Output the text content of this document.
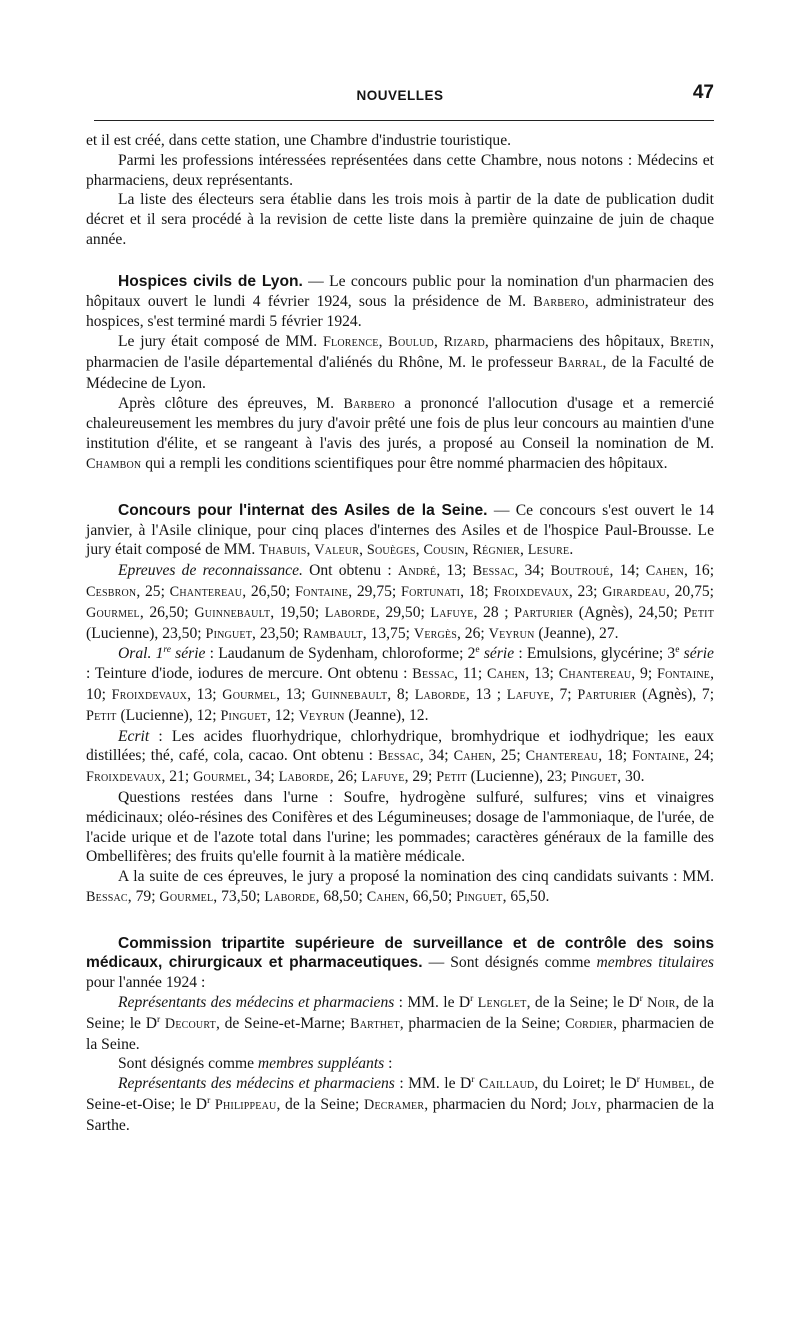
NOUVELLES	47

et il est créé, dans cette station, une Chambre d'industrie touristique.

Parmi les professions intéressées représentées dans cette Chambre, nous notons : Médecins et pharmaciens, deux représentants.

La liste des électeurs sera établie dans les trois mois à partir de la date de publication dudit décret et il sera procédé à la revision de cette liste dans la première quinzaine de juin de chaque année.

Hospices civils de Lyon. — Le concours public pour la nomination d'un pharmacien des hôpitaux ouvert le lundi 4 février 1924, sous la présidence de M. Barbero, administrateur des hospices, s'est terminé mardi 5 février 1924.

Le jury était composé de MM. Florence, Boulud, Rizard, pharmaciens des hôpitaux, Bretin, pharmacien de l'asile départemental d'aliénés du Rhône, M. le professeur Barral, de la Faculté de Médecine de Lyon.

Après clôture des épreuves, M. Barbero a prononcé l'allocution d'usage et a remercié chaleureusement les membres du jury d'avoir prêté une fois de plus leur concours au maintien d'une institution d'élite, et se rangeant à l'avis des jurés, a proposé au Conseil la nomination de M. Chambon qui a rempli les conditions scientifiques pour être nommé pharmacien des hôpitaux.

Concours pour l'internat des Asiles de la Seine. — Ce concours s'est ouvert le 14 janvier, à l'Asile clinique, pour cinq places d'internes des Asiles et de l'hospice Paul-Brousse. Le jury était composé de MM. Thabuis, Valeur, Souèges, Cousin, Régnier, Lesure.

Epreuves de reconnaissance. Ont obtenu : André, 13; Bessac, 34; Boutroué, 14; Cahen, 16; Cesbron, 25; Chantereau, 26,50; Fontaine, 29,75; Fortunati, 18; Froixdevaux, 23; Girardeau, 20,75; Gourmel, 26,50; Guinnebault, 19,50; Laborde, 29,50; Lafuye, 28 ; Parturier (Agnès), 24,50; Petit (Lucienne), 23,50; Pinguet, 23,50; Rambault, 13,75; Vergès, 26; Veyrun (Jeanne), 27.

Oral. 1re série : Laudanum de Sydenham, chloroforme; 2e série : Emulsions, glycérine; 3e série : Teinture d'iode, iodures de mercure. Ont obtenu : Bessac, 11; Cahen, 13; Chantereau, 9; Fontaine, 10; Froixdevaux, 13; Gourmel, 13; Guinnebault, 8; Laborde, 13 ; Lafuye, 7; Parturier (Agnès), 7; Petit (Lucienne), 12; Pinguet, 12; Veyrun (Jeanne), 12.

Ecrit : Les acides fluorhydrique, chlorhydrique, bromhydrique et iodhydrique; les eaux distillées; thé, café, cola, cacao. Ont obtenu : Bessac, 34; Cahen, 25; Chantereau, 18; Fontaine, 24; Froixdevaux, 21; Gourmel, 34; Laborde, 26; Lafuye, 29; Petit (Lucienne), 23; Pinguet, 30.

Questions restées dans l'urne : Soufre, hydrogène sulfuré, sulfures; vins et vinaigres médicinaux; oléo-résines des Conifères et des Légumineuses; dosage de l'ammoniaque, de l'urée, de l'acide urique et de l'azote total dans l'urine; les pommades; caractères généraux de la famille des Ombellifères; des fruits qu'elle fournit à la matière médicale.

A la suite de ces épreuves, le jury a proposé la nomination des cinq candidats suivants : MM. Bessac, 79; Gourmel, 73,50; Laborde, 68,50; Cahen, 66,50; Pinguet, 65,50.

Commission tripartite supérieure de surveillance et de contrôle des soins médicaux, chirurgicaux et pharmaceutiques. — Sont désignés comme membres titulaires pour l'année 1924 :

Représentants des médecins et pharmaciens : MM. le $D^r$ Lenglet, de la Seine; le $D^r$ Noir, de la Seine; le $D^r$ Decourt, de Seine-et-Marne; Barthet, pharmacien de la Seine; Cordier, pharmacien de la Seine.

Sont désignés comme membres suppléants :

Représentants des médecins et pharmaciens : MM. le $D^r$ Caillaud, du Loiret; le $D^r$ Humbel, de Seine-et-Oise; le $D^r$ Philippeau, de la Seine; Decramer, pharmacien du Nord; Joly, pharmacien de la Sarthe.
